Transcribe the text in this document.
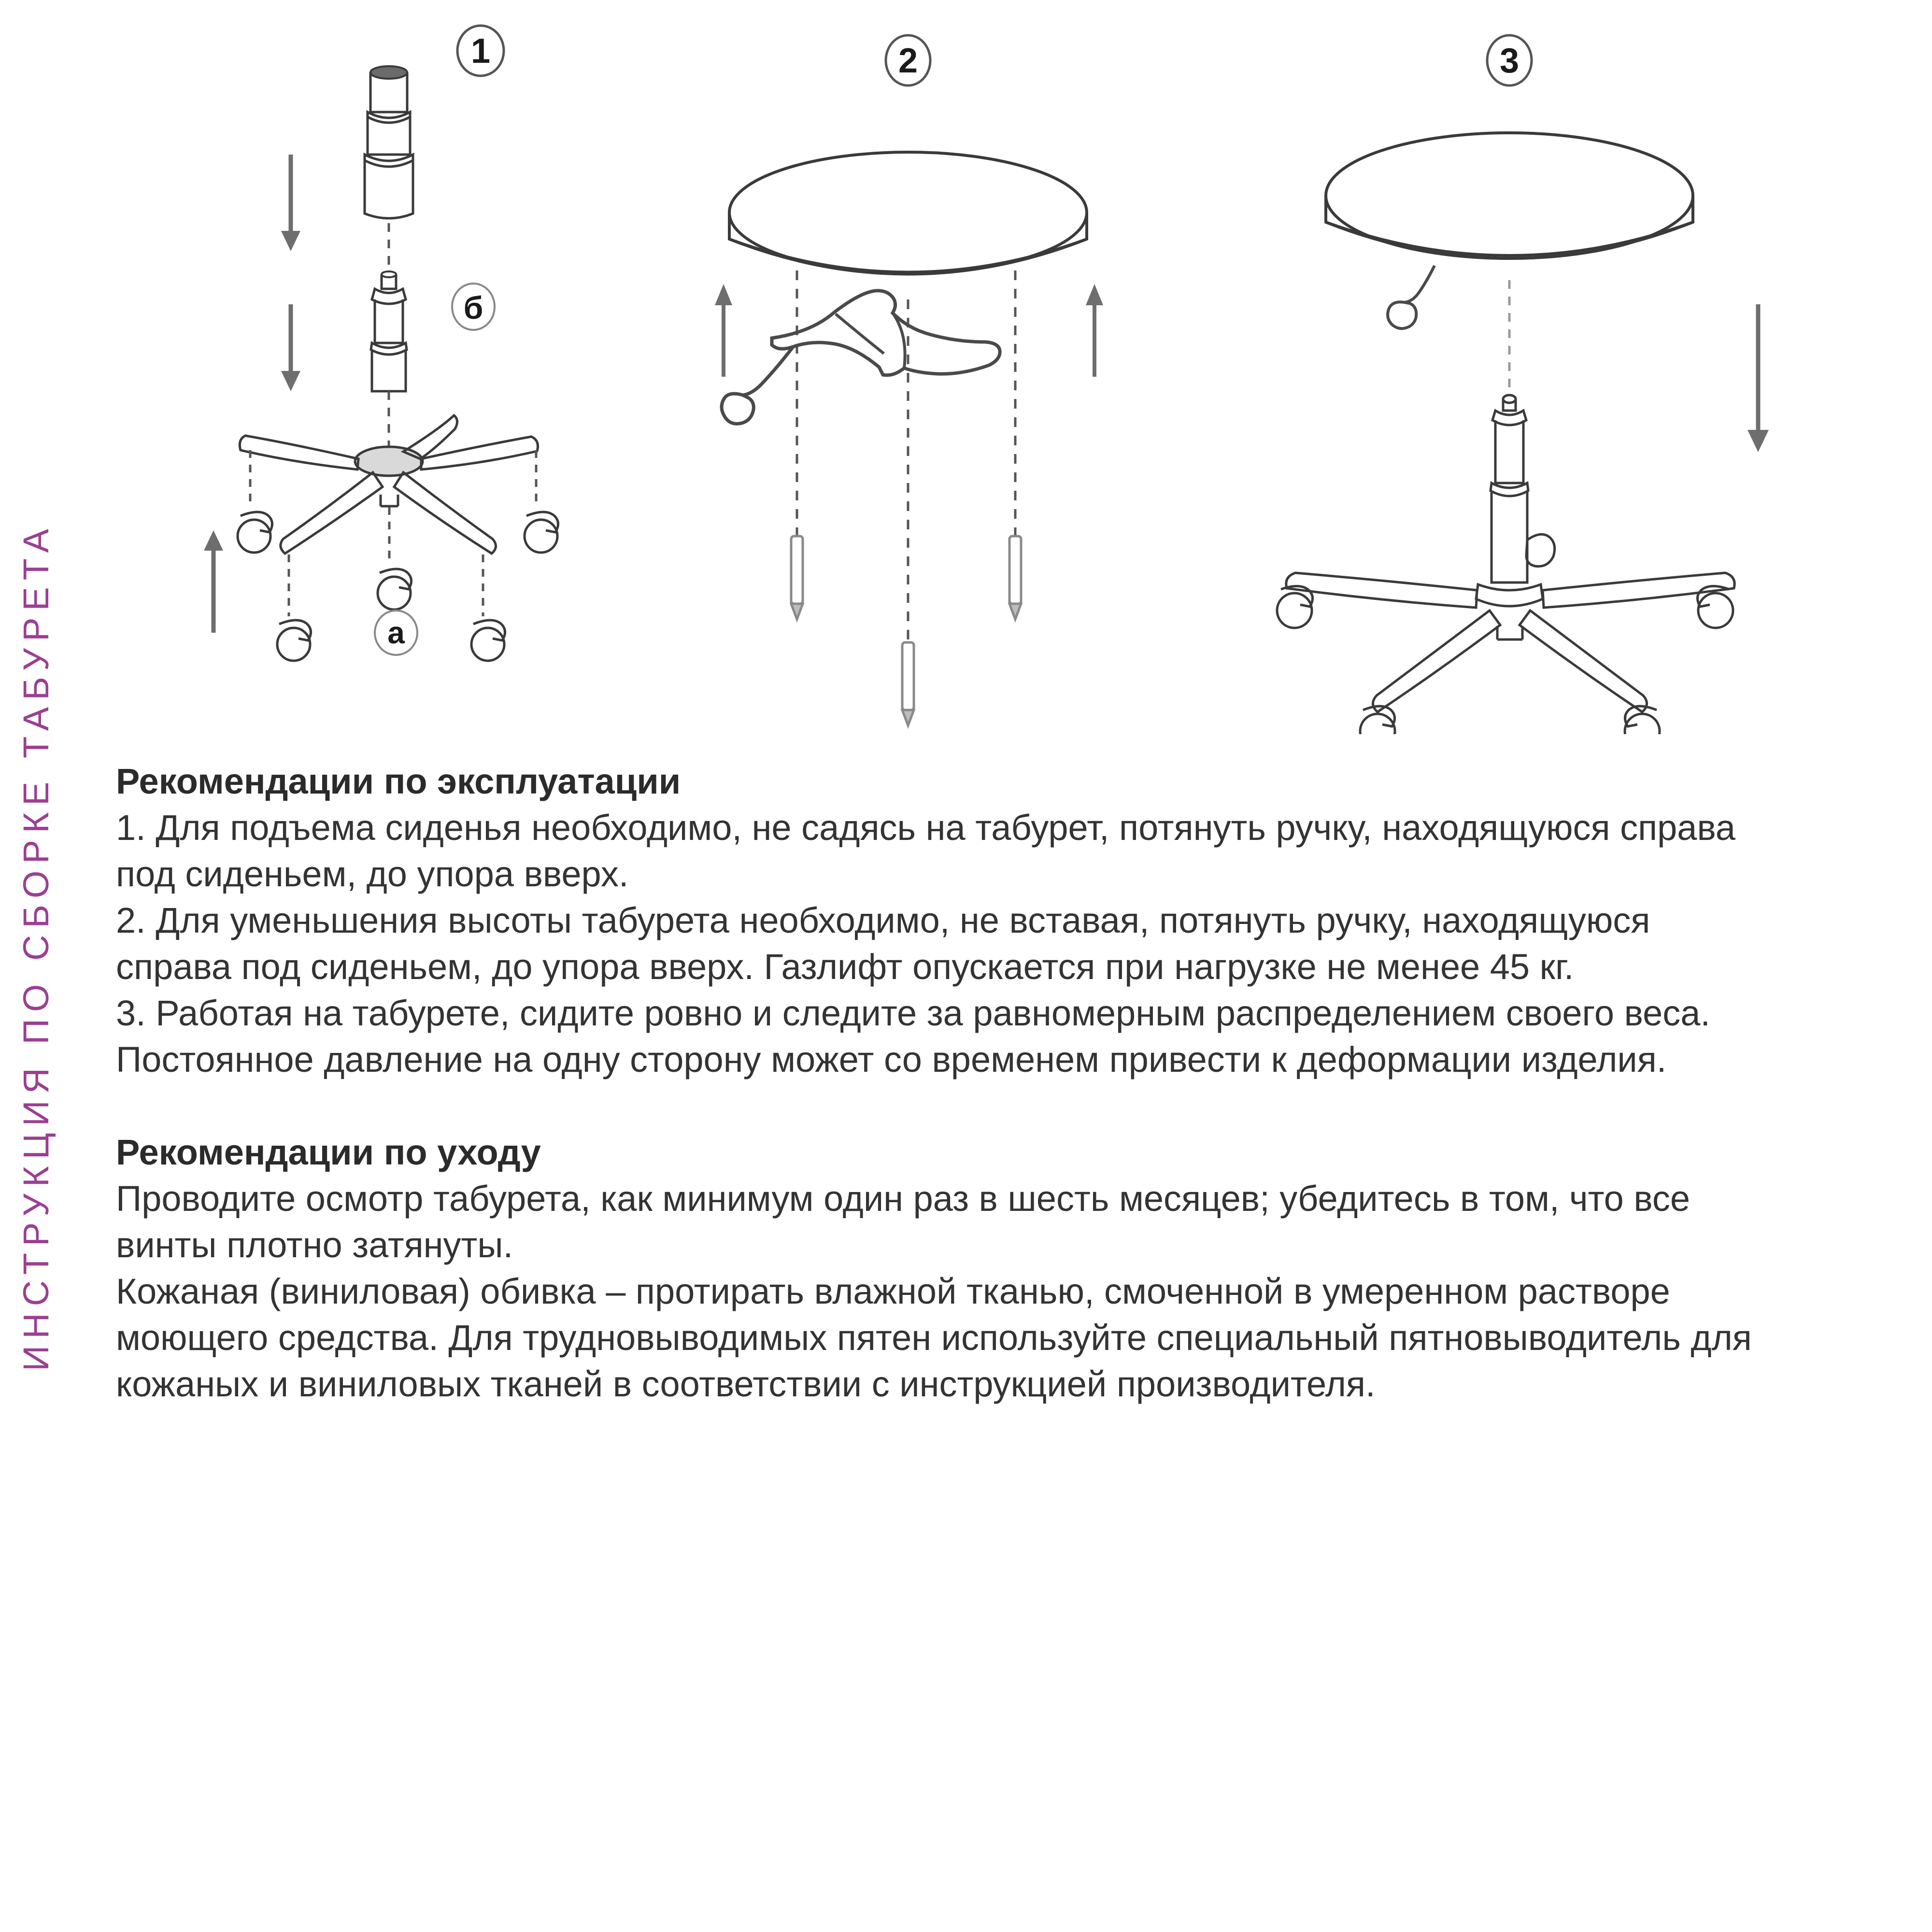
ИНСТРУКЦИЯ ПО СБОРКЕ ТАБУРЕТА
1
б
а
2	3
Рекомендации по эксплуатации

1. Для подъема сиденья необходимо, не садясь на табурет, потянуть ручку, находящуюся справа под сиденьем, до упора вверх.

2. Для уменьшения высоты табурета необходимо, не вставая, потянуть ручку, находящуюся справа под сиденьем, до упора вверх. Газлифт опускается при нагрузке не менее 45 кг.

3. Работая на табурете, сидите ровно и следите за равномерным распределением своего веса.

Постоянное давление на одну сторону может со временем привести к деформации изделия.

Рекомендации по уходу

Проводите осмотр табурета, как минимум один раз в шесть месяцев; убедитесь в том, что все винты плотно затянуты.

Кожаная (виниловая) обивка – протирать влажной тканью, смоченной в умеренном растворе моющего средства. Для трудновыводимых пятен используйте специальный пятновыводитель для кожаных и виниловых тканей в соответствии с инструкцией производителя.
